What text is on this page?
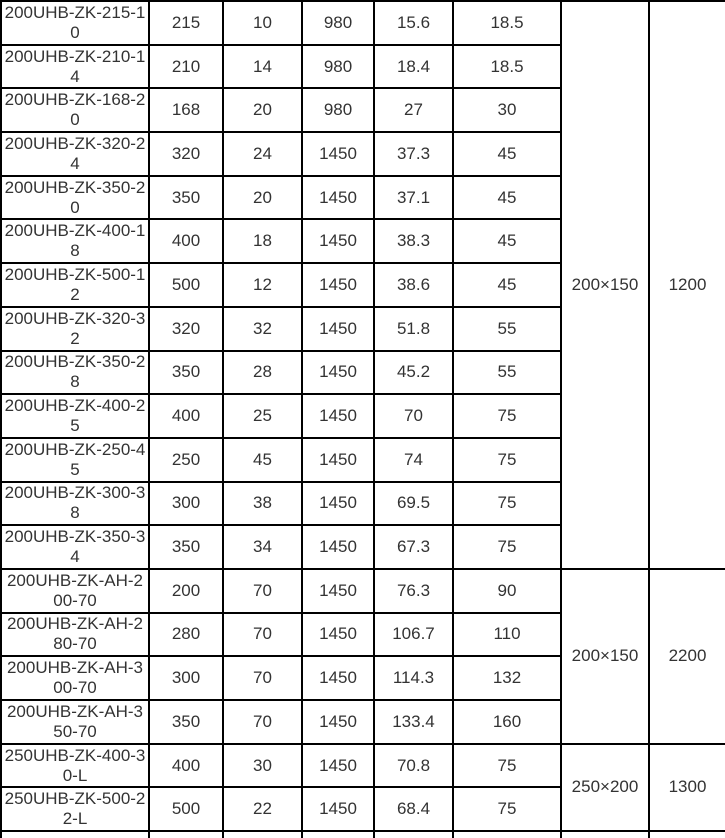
200UHB-ZK-215-10	215	10	980	15.6	18.5	200×150	1200
200UHB-ZK-210-14	210	14	980	18.4	18.5		
200UHB-ZK-168-20	168	20	980	27	30		
200UHB-ZK-320-24	320	24	1450	37.3	45		
200UHB-ZK-350-20	350	20	1450	37.1	45		
200UHB-ZK-400-18	400	18	1450	38.3	45		
200UHB-ZK-500-12	500	12	1450	38.6	45		
200UHB-ZK-320-32	320	32	1450	51.8	55		
200UHB-ZK-350-28	350	28	1450	45.2	55		
200UHB-ZK-400-25	400	25	1450	70	75		
200UHB-ZK-250-45	250	45	1450	74	75		
200UHB-ZK-300-38	300	38	1450	69.5	75		
200UHB-ZK-350-34	350	34	1450	67.3	75		
200UHB-ZK-AH-200-70	200	70	1450	76.3	90	200×150	2200
200UHB-ZK-AH-280-70	280	70	1450	106.7	110		
200UHB-ZK-AH-300-70	300	70	1450	114.3	132		
200UHB-ZK-AH-350-70	350	70	1450	133.4	160		
250UHB-ZK-400-30-L	400	30	1450	70.8	75	250×200	1300
250UHB-ZK-500-22-L	500	22	1450	68.4	75		
